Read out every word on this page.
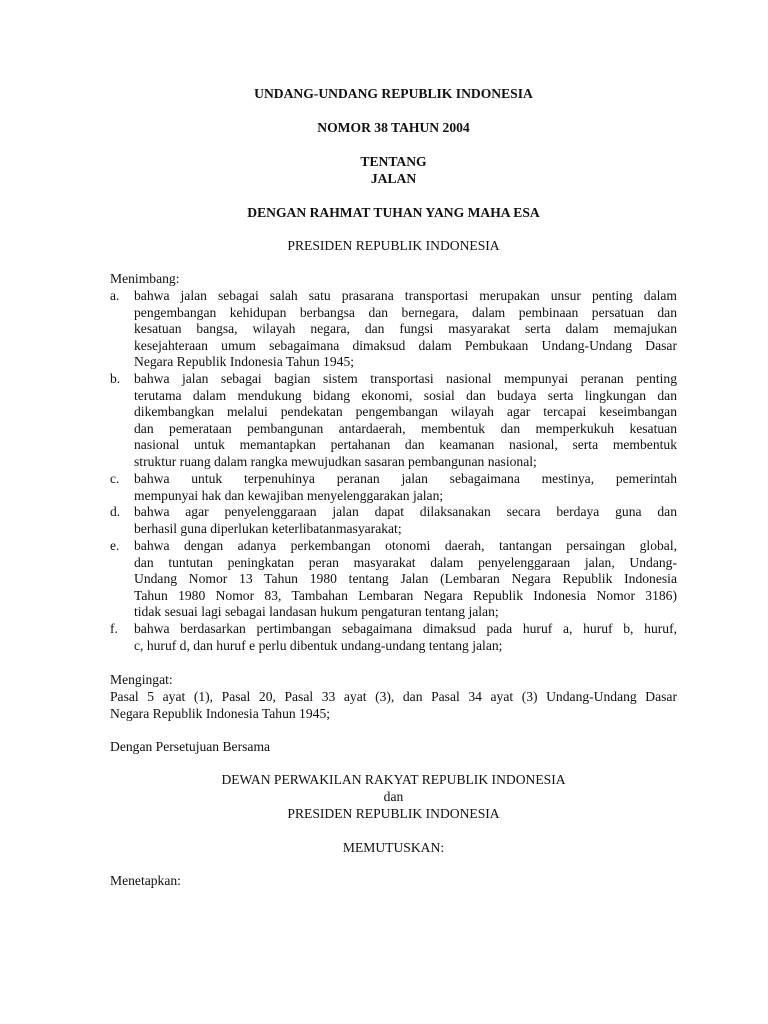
UNDANG-UNDANG REPUBLIK INDONESIA
NOMOR 38 TAHUN 2004
TENTANG
JALAN
DENGAN RAHMAT TUHAN YANG MAHA ESA
PRESIDEN REPUBLIK INDONESIA
Menimbang:
a.	bahwa jalan sebagai salah satu prasarana transportasi merupakan unsur penting dalam
pengembangan kehidupan berbangsa dan bernegara, dalam pembinaan persatuan dan
kesatuan bangsa, wilayah negara, dan fungsi masyarakat serta dalam memajukan
kesejahteraan umum sebagaimana dimaksud dalam Pembukaan Undang-Undang Dasar
Negara Republik Indonesia Tahun 1945;
b.	bahwa jalan sebagai bagian sistem transportasi nasional mempunyai peranan penting
terutama dalam mendukung bidang ekonomi, sosial dan budaya serta lingkungan dan
dikembangkan melalui pendekatan pengembangan wilayah agar tercapai keseimbangan
dan pemerataan pembangunan antardaerah, membentuk dan memperkukuh kesatuan
nasional untuk memantapkan pertahanan dan keamanan nasional, serta membentuk
struktur ruang dalam rangka mewujudkan sasaran pembangunan nasional;
c.	bahwa untuk terpenuhinya peranan jalan sebagaimana mestinya, pemerintah
mempunyai hak dan kewajiban menyelenggarakan jalan;
d.	bahwa agar penyelenggaraan jalan dapat dilaksanakan secara berdaya guna dan
berhasil guna diperlukan keterlibatanmasyarakat;
e.	bahwa dengan adanya perkembangan otonomi daerah, tantangan persaingan global,
dan tuntutan peningkatan peran masyarakat dalam penyelenggaraan jalan, Undang-
Undang Nomor 13 Tahun 1980 tentang Jalan (Lembaran Negara Republik Indonesia
Tahun 1980 Nomor 83, Tambahan Lembaran Negara Republik Indonesia Nomor 3186)
tidak sesuai lagi sebagai landasan hukum pengaturan tentang jalan;
f.	bahwa berdasarkan pertimbangan sebagaimana dimaksud pada huruf a, huruf b, huruf,
c, huruf d, dan huruf e perlu dibentuk undang-undang tentang jalan;
Mengingat:
Pasal 5 ayat (1), Pasal 20, Pasal 33 ayat (3), dan Pasal 34 ayat (3) Undang-Undang Dasar
Negara Republik Indonesia Tahun 1945;
Dengan Persetujuan Bersama
DEWAN PERWAKILAN RAKYAT REPUBLIK INDONESIA
dan
PRESIDEN REPUBLIK INDONESIA
MEMUTUSKAN:
Menetapkan:
